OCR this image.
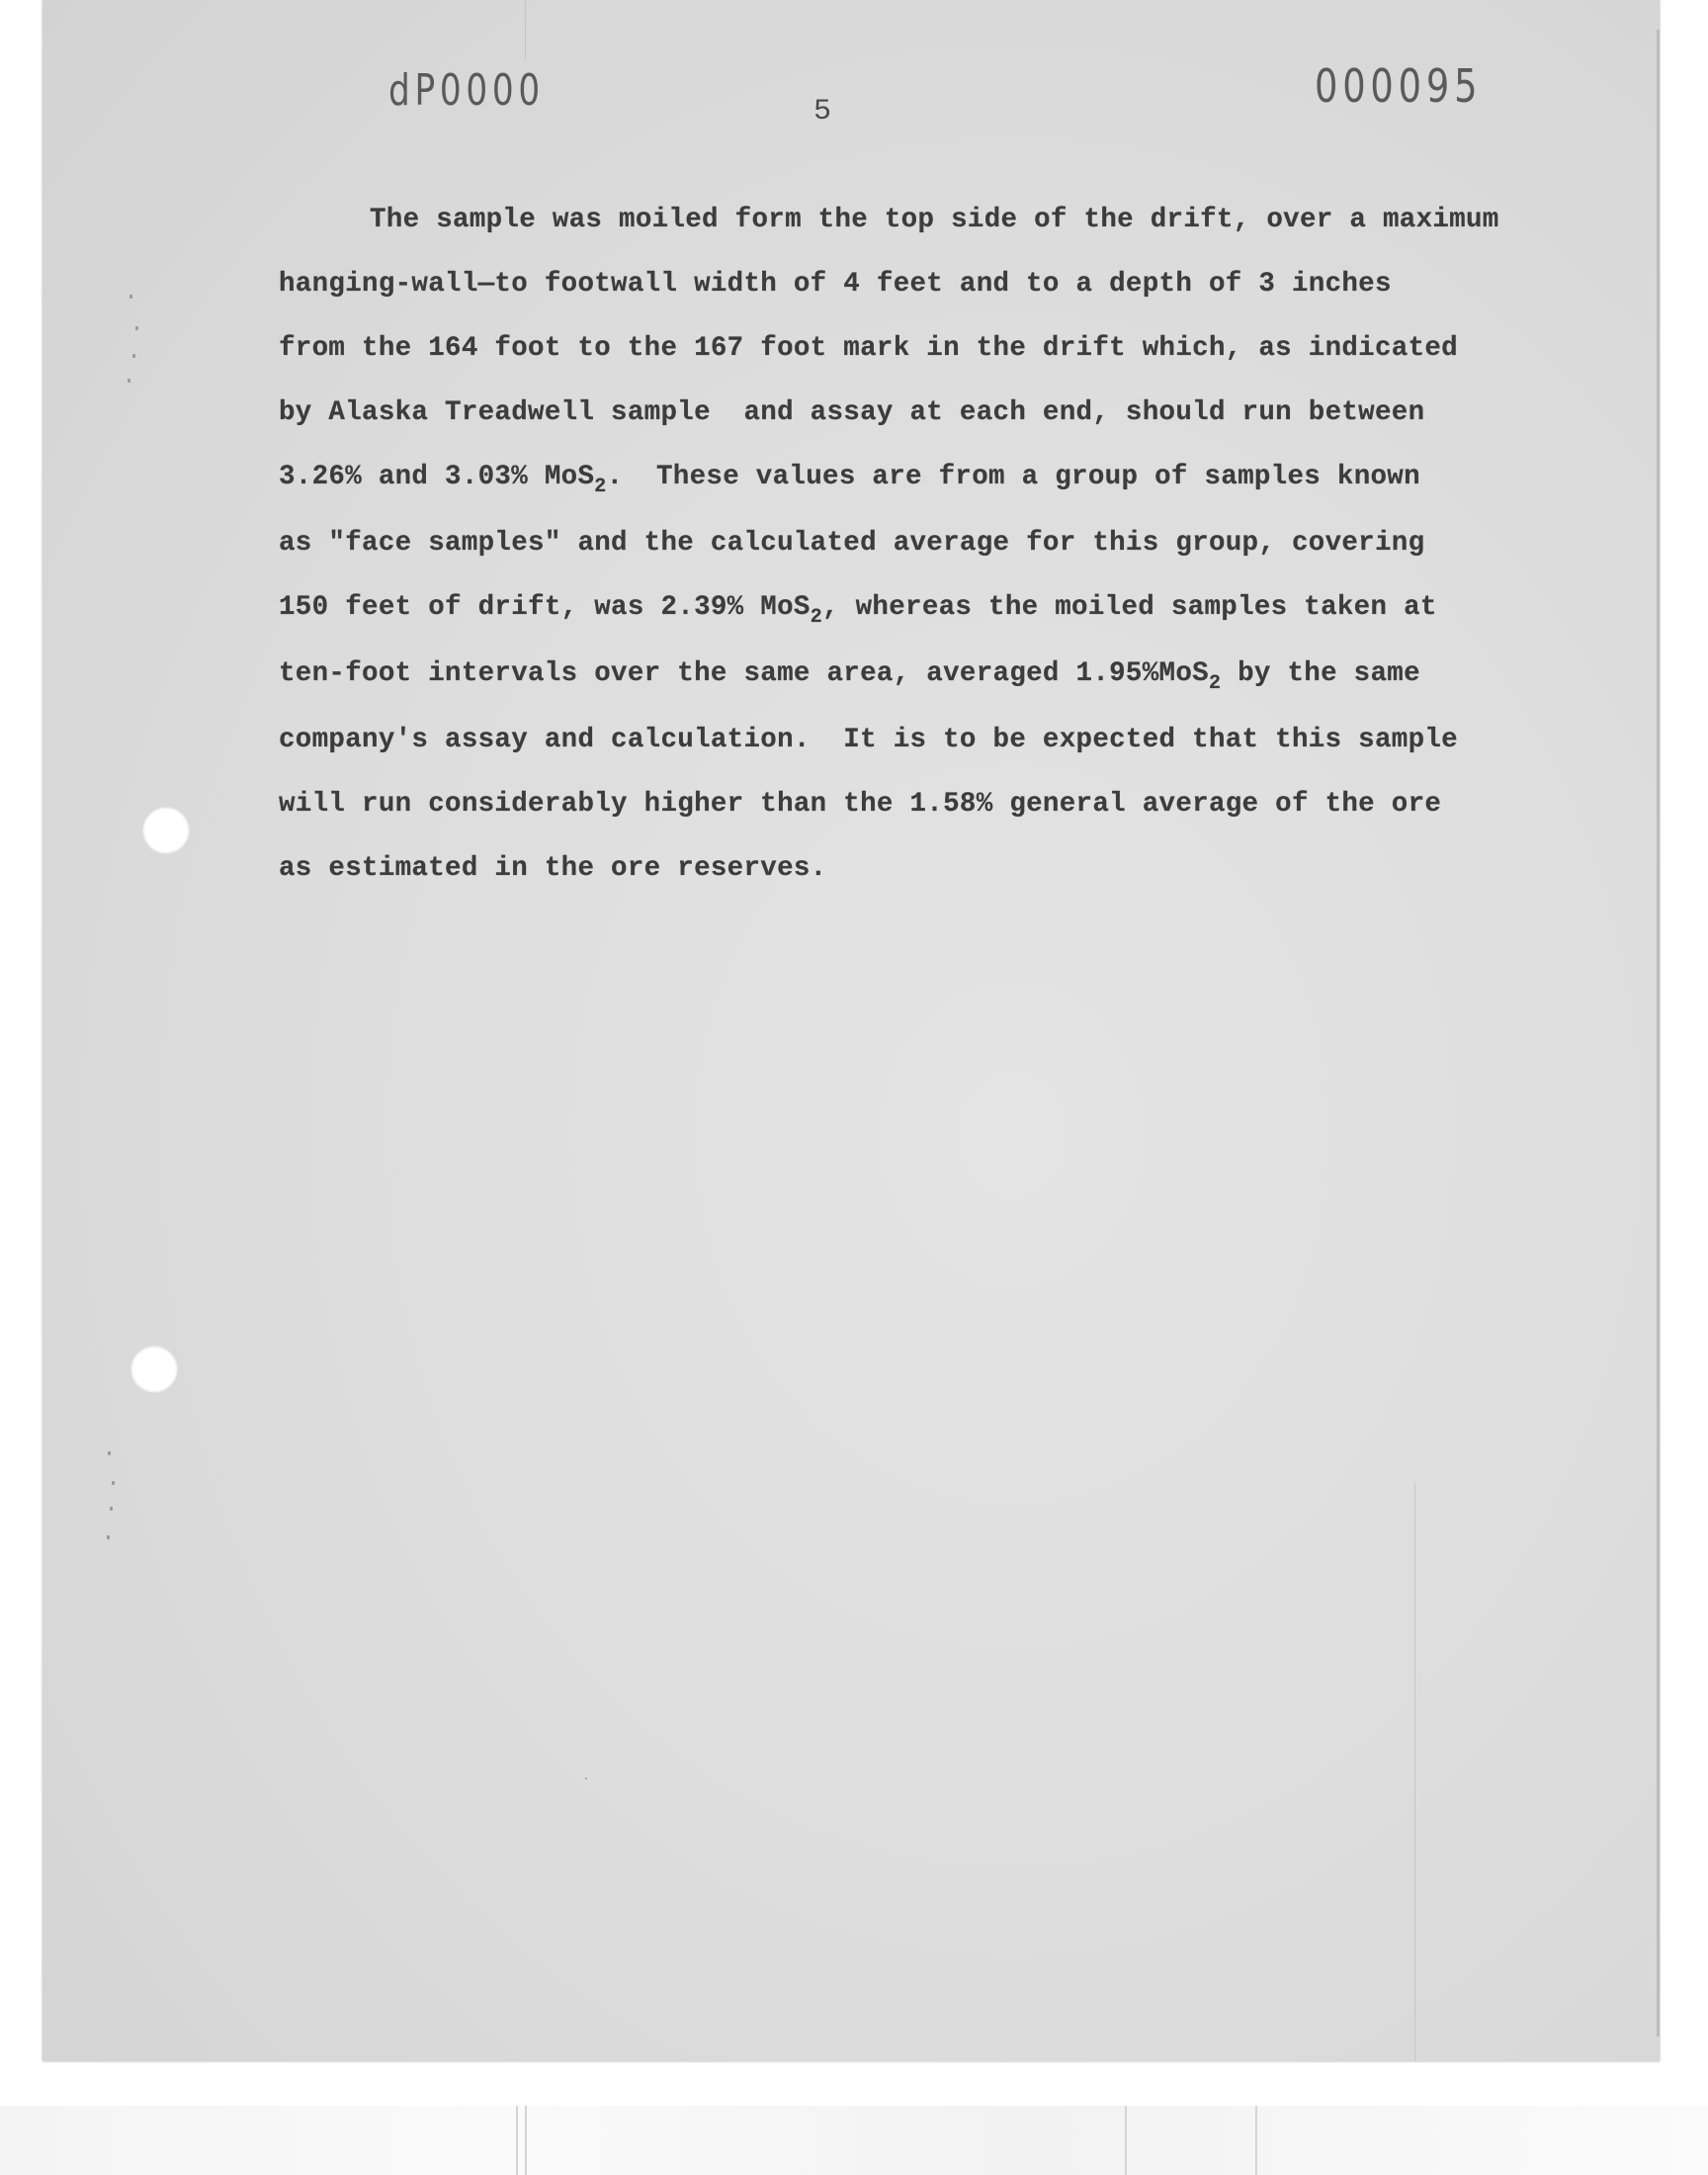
dP0000	000095
5
The sample was moiled form the top side of the drift, over a maximum
hanging-wall—to footwall width of 4 feet and to a depth of 3 inches
from the 164 foot to the 167 foot mark in the drift which, as indicated
by Alaska Treadwell sample  and assay at each end, should run between
3.26% and 3.03% MoS$_2$.  These values are from a group of samples known
as "face samples" and the calculated average for this group, covering
150 feet of drift, was 2.39% MoS$_2$, whereas the moiled samples taken at
ten-foot intervals over the same area, averaged 1.95%MoS$_2$ by the same
company's assay and calculation.  It is to be expected that this sample
will run considerably higher than the 1.58% general average of the ore
as estimated in the ore reserves.
